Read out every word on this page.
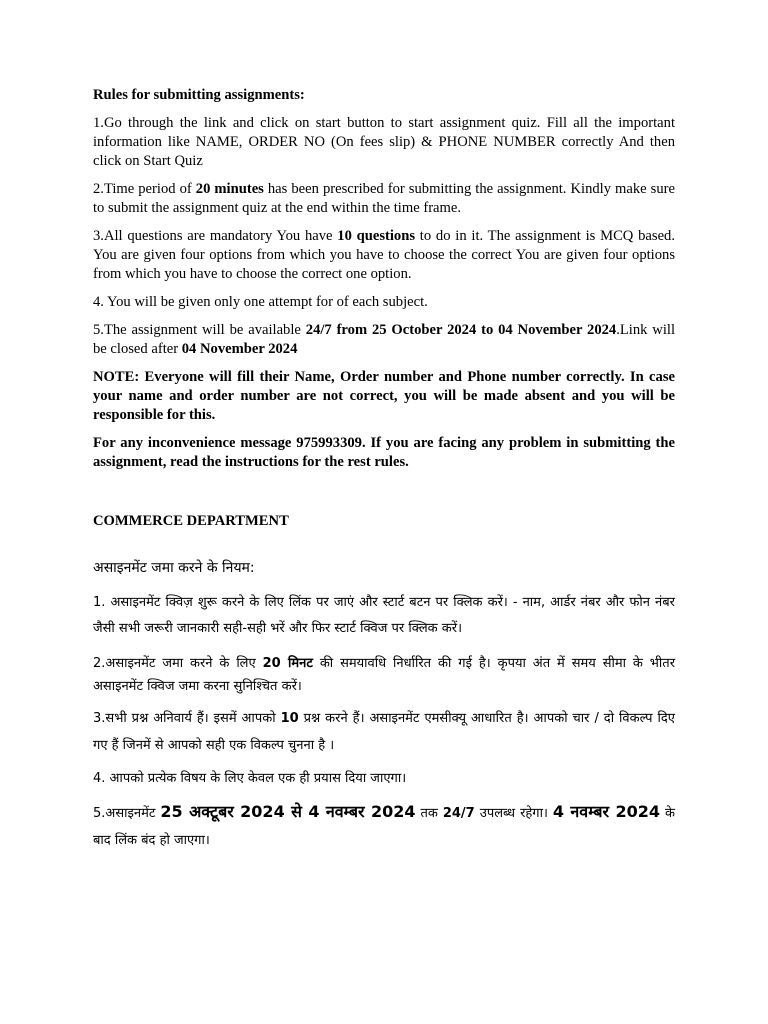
Rules for submitting assignments:

1.Go through the link and click on start button to start assignment quiz. Fill all the important information like NAME, ORDER NO (On fees slip) & PHONE NUMBER correctly And then click on Start Quiz

2.Time period of 20 minutes has been prescribed for submitting the assignment. Kindly make sure to submit the assignment quiz at the end within the time frame.

3.All questions are mandatory You have 10 questions to do in it. The assignment is MCQ based. You are given four options from which you have to choose the correct You are given four options from which you have to choose the correct one option.

4. You will be given only one attempt for of each subject.

5.The assignment will be available 24/7 from 25 October 2024 to 04 November 2024.Link will be closed after 04 November 2024

NOTE: Everyone will fill their Name, Order number and Phone number correctly. In case your name and order number are not correct, you will be made absent and you will be responsible for this.

For any inconvenience message 975993309. If you are facing any problem in submitting the assignment, read the instructions for the rest rules.

COMMERCE DEPARTMENT

असाइनमेंट जमा करने के नियम:

1. असाइनमेंट क्विज़ शुरू करने के लिए लिंक पर जाएं और स्टार्ट बटन पर क्लिक करें। - नाम, आर्डर नंबर और फोन नंबर जैसी सभी जरूरी जानकारी सही-सही भरें और फिर स्टार्ट क्विज पर क्लिक करें।

2.असाइनमेंट जमा करने के लिए 20 मिनट की समयावधि निर्धारित की गई है। कृपया अंत में समय सीमा के भीतर असाइनमेंट क्विज जमा करना सुनिश्चित करें।

3.सभी प्रश्न अनिवार्य हैं। इसमें आपको 10 प्रश्न करने हैं। असाइनमेंट एमसीक्यू आधारित है। आपको चार / दो विकल्प दिए गए हैं जिनमें से आपको सही एक विकल्प चुनना है ।

4. आपको प्रत्येक विषय के लिए केवल एक ही प्रयास दिया जाएगा।

5.असाइनमेंट 25 अक्टूबर 2024 से 4 नवम्बर 2024 तक 24/7 उपलब्ध रहेगा। 4 नवम्बर 2024 के बाद लिंक बंद हो जाएगा।
